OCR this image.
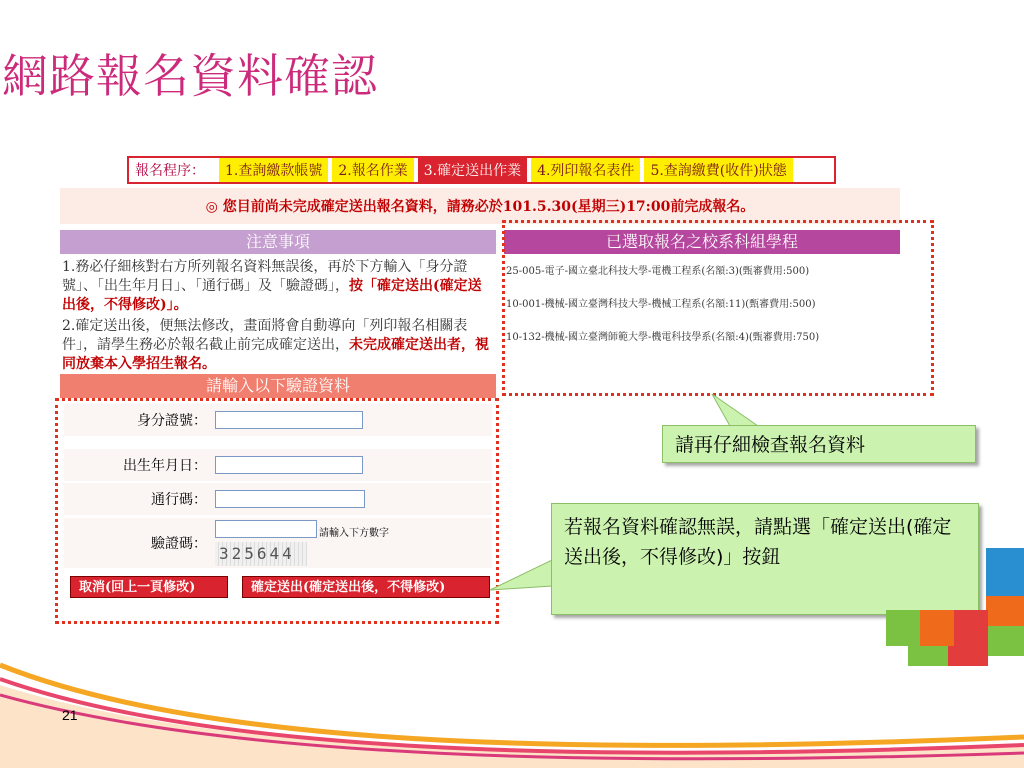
網路報名資料確認
報名程序：	1.查詢繳款帳號	2.報名作業	3.確定送出作業	4.列印報名表件	5.查詢繳費(收件)狀態
◎ 您目前尚未完成確定送出報名資料，請務必於101.5.30(星期三)17:00前完成報名。
注意事項

1.務必仔細核對右方所列報名資料無誤後，再於下方輸入「身分證號」、「出生年月日」、「通行碼」及「驗證碼」，按「確定送出(確定送出後，不得修改)」。

2.確定送出後，便無法修改，畫面將會自動導向「列印報名相關表件」，請學生務必於報名截止前完成確定送出，未完成確定送出者，視同放棄本入學招生報名。

已選取報名之校系科組學程
25-005-電子-國立臺北科技大學-電機工程系(名額:3)(甄審費用:500)
10-001-機械-國立臺灣科技大學-機械工程系(名額:11)(甄審費用:500)
10-132-機械-國立臺灣師範大學-機電科技學系(名額:4)(甄審費用:750)
請輸入以下驗證資料
身分證號：
出生年月日：
通行碼：
驗證碼：
請輸入下方數字
325644
取消(回上一頁修改)	確定送出(確定送出後，不得修改)
請再仔細檢查報名資料
若報名資料確認無誤，請點選「確定送出(確定送出後，不得修改)」按鈕
21
